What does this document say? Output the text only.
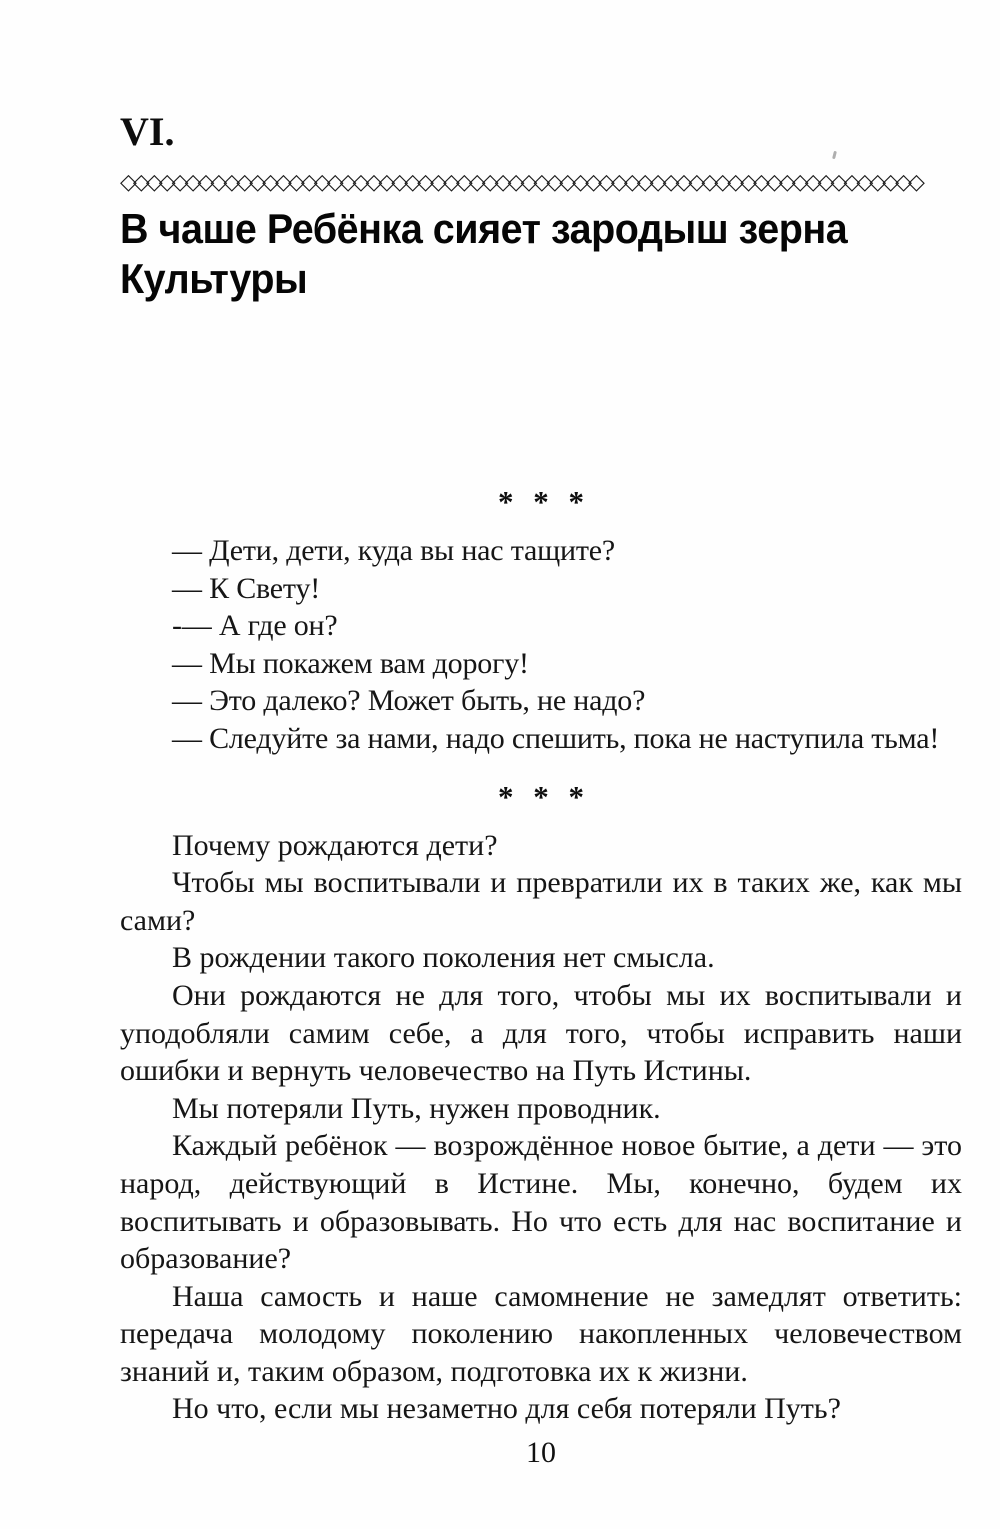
VI.
◇◇◇◇◇◇◇◇◇◇◇◇◇◇◇◇◇◇◇◇◇◇◇◇◇◇◇◇◇◇◇◇◇◇◇◇◇◇◇◇◇◇◇◇◇◇◇◇◇◇◇◇◇◇◇◇◇◇◇◇◇◇
В чаше Ребёнка сияет зародыш зерна Культуры
* * *

— Дети, дети, куда вы нас тащите?

— К Свету!

-— А где он?

— Мы покажем вам дорогу!

— Это далеко? Может быть, не надо?

— Следуйте за нами, надо спешить, пока не наступила тьма!

* * *

Почему рождаются дети?

Чтобы мы воспитывали и превратили их в таких же, как мы сами?

В рождении такого поколения нет смысла.

Они рождаются не для того, чтобы мы их воспитывали и уподобляли самим себе, а для того, чтобы исправить наши ошибки и вернуть человечество на Путь Истины.

Мы потеряли Путь, нужен проводник.

Каждый ребёнок — возрождённое новое бытие, а дети — это народ, действующий в Истине. Мы, конечно, будем их воспитывать и образовывать. Но что есть для нас воспитание и образование?

Наша самость и наше самомнение не замедлят ответить: передача молодому поколению накопленных человечеством знаний и, таким образом, подготовка их к жизни.

Но что, если мы незаметно для себя потеряли Путь?

10
